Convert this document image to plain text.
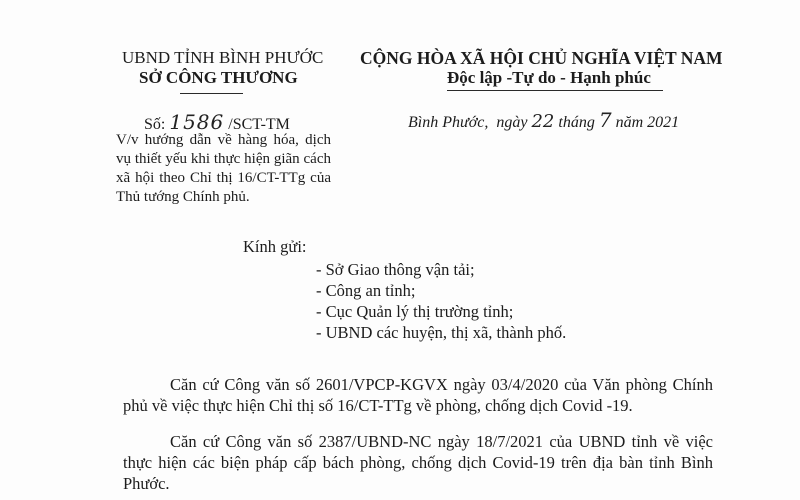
UBND TỈNH BÌNH PHƯỚC
SỞ CÔNG THƯƠNG
CỘNG HÒA XÃ HỘI CHỦ NGHĨA VIỆT NAM
Độc lập -Tự do - Hạnh phúc
Số: 1586 /SCT-TM
V/v hướng dẫn về hàng hóa, dịch vụ thiết yếu khi thực hiện giãn cách xã hội theo Chỉ thị 16/CT-TTg của Thủ tướng Chính phủ.
Bình Phước, ngày 22 tháng 7 năm 2021
Kính gửi:
- Sở Giao thông vận tải;
- Công an tỉnh;
- Cục Quản lý thị trường tỉnh;
- UBND các huyện, thị xã, thành phố.
Căn cứ Công văn số 2601/VPCP-KGVX ngày 03/4/2020 của Văn phòng Chính phủ về việc thực hiện Chỉ thị số 16/CT-TTg về phòng, chống dịch Covid -19.
Căn cứ Công văn số 2387/UBND-NC ngày 18/7/2021 của UBND tỉnh về việc thực hiện các biện pháp cấp bách phòng, chống dịch Covid-19 trên địa bàn tỉnh Bình Phước.
